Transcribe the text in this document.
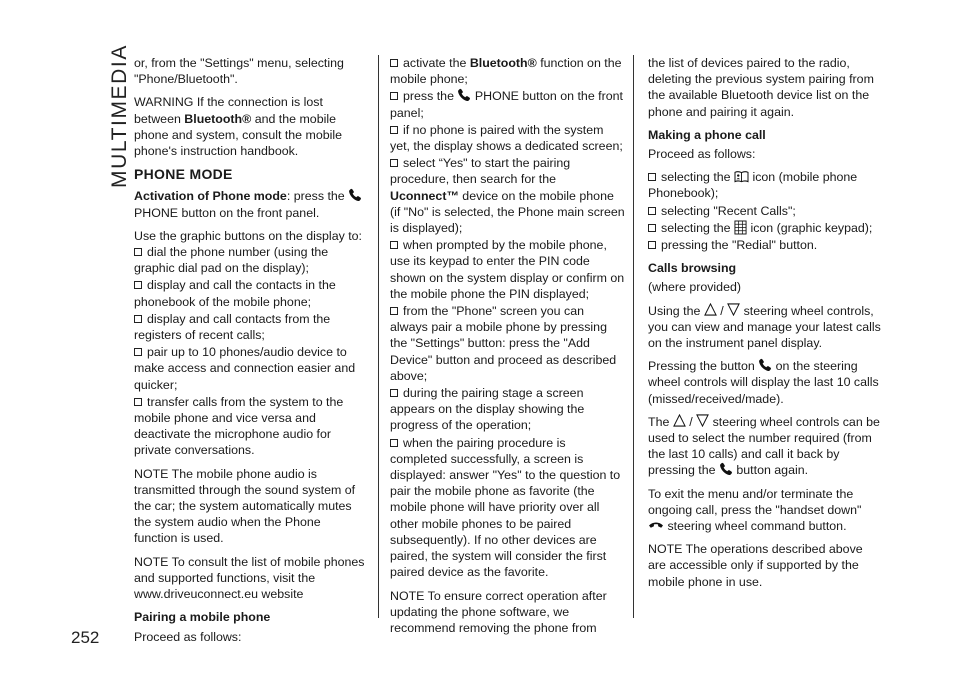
MULTIMEDIA
252

or, from the "Settings" menu, selecting "Phone/Bluetooth".

WARNING If the connection is lost between Bluetooth® and the mobile phone and system, consult the mobile phone's instruction handbook.

PHONE MODE

Activation of Phone mode: press the
PHONE button on the front panel.

Use the graphic buttons on the display to:

dial the phone number (using the graphic dial pad on the display);
display and call the contacts in the phonebook of the mobile phone;
display and call contacts from the registers of recent calls;
pair up to 10 phones/audio device to make access and connection easier and quicker;
transfer calls from the system to the mobile phone and vice versa and deactivate the microphone audio for private conversations.

NOTE The mobile phone audio is transmitted through the sound system of the car; the system automatically mutes the system audio when the Phone function is used.

NOTE To consult the list of mobile phones and supported functions, visit the www.driveuconnect.eu website

Pairing a mobile phone

Proceed as follows:

activate the Bluetooth® function on the mobile phone;
press the  PHONE button on the front panel;
if no phone is paired with the system yet, the display shows a dedicated screen;
select “Yes" to start the pairing procedure, then search for the Uconnect™ device on the mobile phone (if "No" is selected, the Phone main screen is displayed);
when prompted by the mobile phone, use its keypad to enter the PIN code shown on the system display or confirm on the mobile phone the PIN displayed;
from the "Phone" screen you can always pair a mobile phone by pressing the "Settings" button: press the "Add Device" button and proceed as described above;
during the pairing stage a screen appears on the display showing the progress of the operation;
when the pairing procedure is completed successfully, a screen is displayed: answer "Yes" to the question to pair the mobile phone as favorite (the mobile phone will have priority over all other mobile phones to be paired subsequently). If no other devices are paired, the system will consider the first paired device as the favorite.

NOTE To ensure correct operation after updating the phone software, we recommend removing the phone from

the list of devices paired to the radio, deleting the previous system pairing from the available Bluetooth device list on the phone and pairing it again.

Making a phone call

Proceed as follows:

selecting the  icon (mobile phone Phonebook);
selecting "Recent Calls";
selecting the  icon (graphic keypad);
pressing the "Redial" button.

Calls browsing

(where provided)

Using the  /  steering wheel controls, you can view and manage your latest calls on the instrument panel display.

Pressing the button  on the steering wheel controls will display the last 10 calls (missed/received/made).

The  /  steering wheel controls can be used to select the number required (from the last 10 calls) and call it back by pressing the  button again.

To exit the menu and/or terminate the ongoing call, press the "handset down"
steering wheel command button.

NOTE The operations described above are accessible only if supported by the mobile phone in use.
